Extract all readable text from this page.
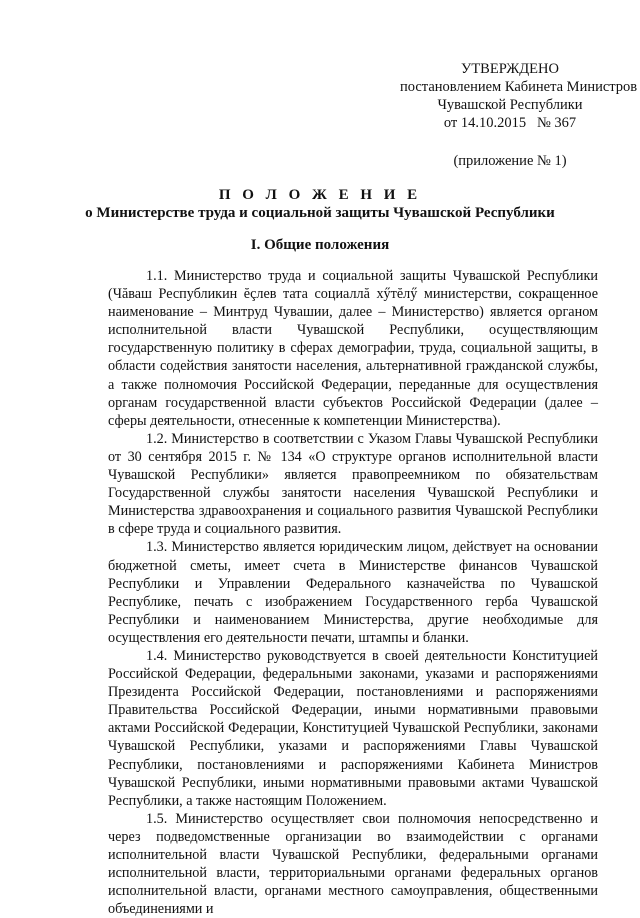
УТВЕРЖДЕНО
постановлением Кабинета Министров
Чувашской Республики
от 14.10.2015   № 367
(приложение № 1)
П О Л О Ж Е Н И Е
о Министерстве труда и социальной защиты Чувашской Республики
I. Общие положения

1.1. Министерство труда и социальной защиты Чувашской Республики (Чăваш Республикин ĕçлев тата социаллă хӳтĕлӳ министерстви, сокращенное наименование – Минтруд Чувашии, далее – Министерство) является органом исполнительной власти Чувашской Республики, осуществляющим государственную политику в сферах демографии, труда, социальной защиты, в области содействия занятости населения, альтернативной гражданской службы, а также полномочия Российской Федерации, переданные для осуществления органам государственной власти субъектов Российской Федерации (далее – сферы деятельности, отнесенные к компетенции Министерства).

1.2. Министерство в соответствии с Указом Главы Чувашской Республики от 30 сентября 2015 г. № 134 «О структуре органов исполнительной власти Чувашской Республики» является правопреемником по обязательствам Государственной службы занятости населения Чувашской Республики и Министерства здравоохранения и социального развития Чувашской Республики в сфере труда и социального развития.

1.3. Министерство является юридическим лицом, действует на основании бюджетной сметы, имеет счета в Министерстве финансов Чувашской Республики и Управлении Федерального казначейства по Чувашской Республике, печать с изображением Государственного герба Чувашской Республики и наименованием Министерства, другие необходимые для осуществления его деятельности печати, штампы и бланки.

1.4. Министерство руководствуется в своей деятельности Конституцией Российской Федерации, федеральными законами, указами и распоряжениями Президента Российской Федерации, постановлениями и распоряжениями Правительства Российской Федерации, иными нормативными правовыми актами Российской Федерации, Конституцией Чувашской Республики, законами Чувашской Республики, указами и распоряжениями Главы Чувашской Республики, постановлениями и распоряжениями Кабинета Министров Чувашской Республики, иными нормативными правовыми актами Чувашской Республики, а также настоящим Положением.

1.5. Министерство осуществляет свои полномочия непосредственно и через подведомственные организации во взаимодействии с органами исполнительной власти Чувашской Республики, федеральными органами исполнительной власти, территориальными органами федеральных органов исполнительной власти, органами местного самоуправления, общественными объединениями и
